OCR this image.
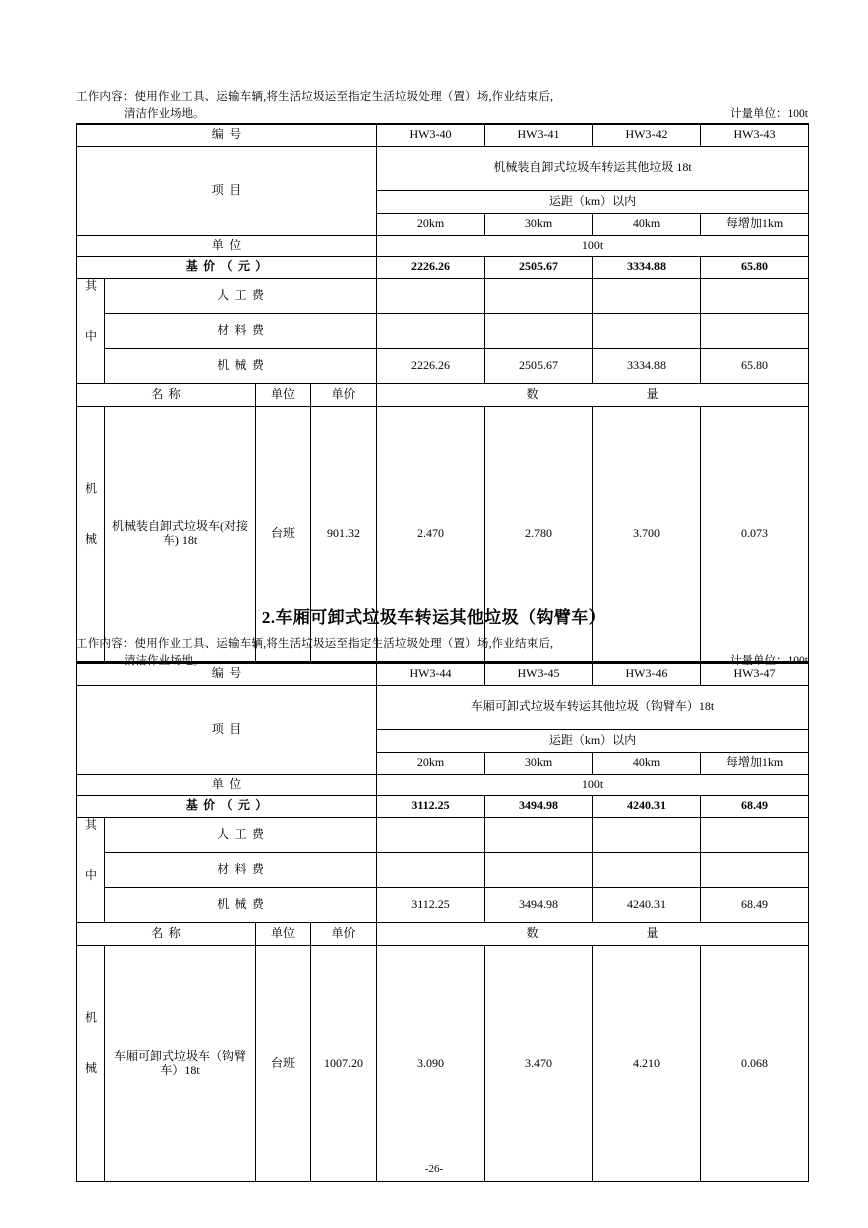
工作内容：使用作业工具、运输车辆,将生活垃圾运至指定生活垃圾处理（置）场,作业结束后,
清洁作业场地。	计量单位：100t
编号				HW3-40	HW3-41	HW3-42	HW3-43
项目				机械装自卸式垃圾车转运其他垃圾 18t			
				运距（km）以内			
				20km	30km	40km	每增加1km
单位				100t			
基价（元）				2226.26	2505.67	3334.88	65.80
其中	人工费						
	材料费						
	机械费			2226.26	2505.67	3334.88	65.80
名称		单位	单价	数量			
机械	机械装自卸式垃圾车(对接车) 18t	台班	901.32	2.470	2.780	3.700	0.073
2.车厢可卸式垃圾车转运其他垃圾（钩臂车）
工作内容：使用作业工具、运输车辆,将生活垃圾运至指定生活垃圾处理（置）场,作业结束后,
清洁作业场地。	计量单位：100t
编号				HW3-44	HW3-45	HW3-46	HW3-47
项目				车厢可卸式垃圾车转运其他垃圾（钩臂车）18t			
				运距（km）以内			
				20km	30km	40km	每增加1km
单位				100t			
基价（元）				3112.25	3494.98	4240.31	68.49
其中	人工费						
	材料费						
	机械费			3112.25	3494.98	4240.31	68.49
名称		单位	单价	数量			
机械	车厢可卸式垃圾车（钩臂车）18t	台班	1007.20	3.090	3.470	4.210	0.068
-26-
